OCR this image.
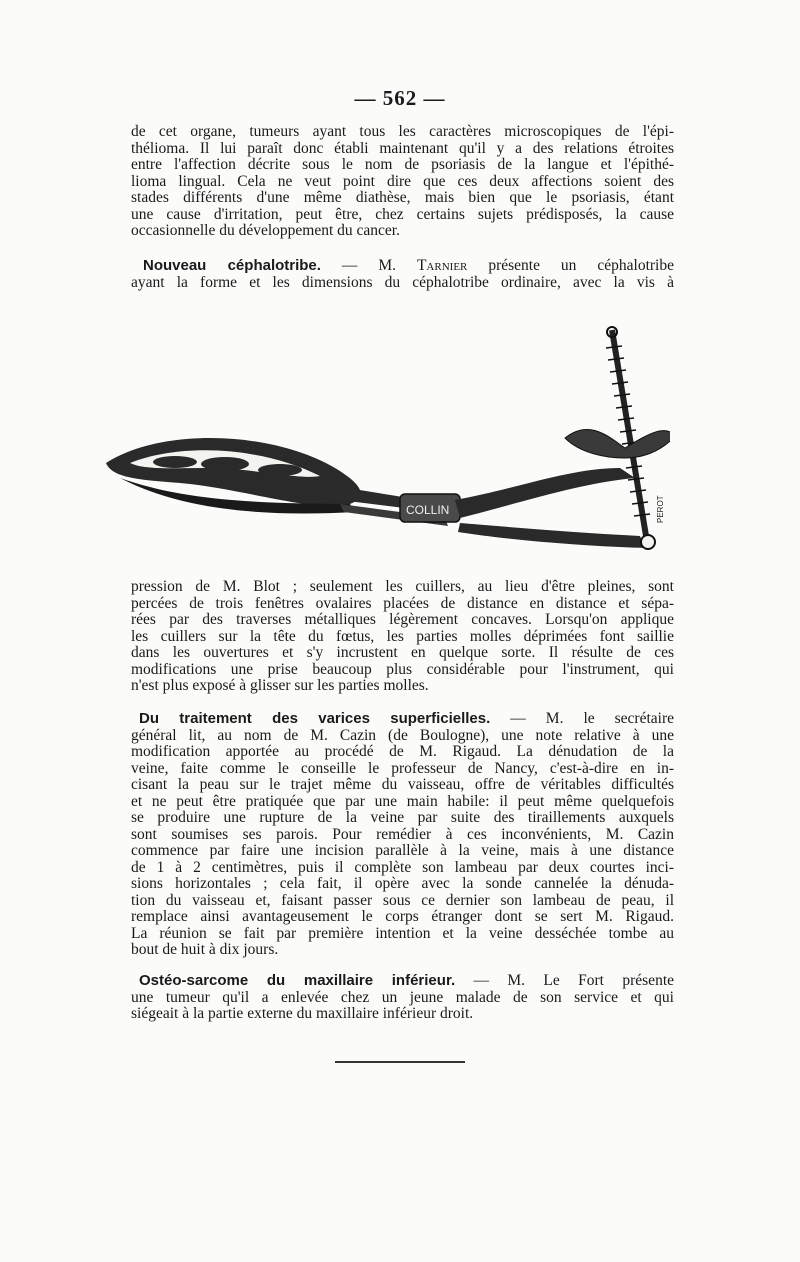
— 562 —
de cet organe, tumeurs ayant tous les caractères microscopiques de l'épi-
thélioma. Il lui paraît donc établi maintenant qu'il y a des relations étroites
entre l'affection décrite sous le nom de psoriasis de la langue et l'épithé-
lioma lingual. Cela ne veut point dire que ces deux affections soient des
stades différents d'une même diathèse, mais bien que le psoriasis, étant
une cause d'irritation, peut être, chez certains sujets prédisposés, la cause
occasionnelle du développement du cancer.
Nouveau céphalotribe. — M. Tarnier présente un céphalotribe
ayant la forme et les dimensions du céphalotribe ordinaire, avec la vis à
COLLIN	PEROT
pression de M. Blot ; seulement les cuillers, au lieu d'être pleines, sont
percées de trois fenêtres ovalaires placées de distance en distance et sépa-
rées par des traverses métalliques légèrement concaves. Lorsqu'on applique
les cuillers sur la tête du fœtus, les parties molles déprimées font saillie
dans les ouvertures et s'y incrustent en quelque sorte. Il résulte de ces
modifications une prise beaucoup plus considérable pour l'instrument, qui
n'est plus exposé à glisser sur les parties molles.
Du traitement des varices superficielles. — M. le secrétaire
général lit, au nom de M. Cazin (de Boulogne), une note relative à une
modification apportée au procédé de M. Rigaud. La dénudation de la
veine, faite comme le conseille le professeur de Nancy, c'est-à-dire en in-
cisant la peau sur le trajet même du vaisseau, offre de véritables difficultés
et ne peut être pratiquée que par une main habile: il peut même quelquefois
se produire une rupture de la veine par suite des tiraillements auxquels
sont soumises ses parois. Pour remédier à ces inconvénients, M. Cazin
commence par faire une incision parallèle à la veine, mais à une distance
de 1 à 2 centimètres, puis il complète son lambeau par deux courtes inci-
sions horizontales ; cela fait, il opère avec la sonde cannelée la dénuda-
tion du vaisseau et, faisant passer sous ce dernier son lambeau de peau, il
remplace ainsi avantageusement le corps étranger dont se sert M. Rigaud.
La réunion se fait par première intention et la veine desséchée tombe au
bout de huit à dix jours.
Ostéo-sarcome du maxillaire inférieur. — M. Le Fort présente
une tumeur qu'il a enlevée chez un jeune malade de son service et qui
siégeait à la partie externe du maxillaire inférieur droit.
